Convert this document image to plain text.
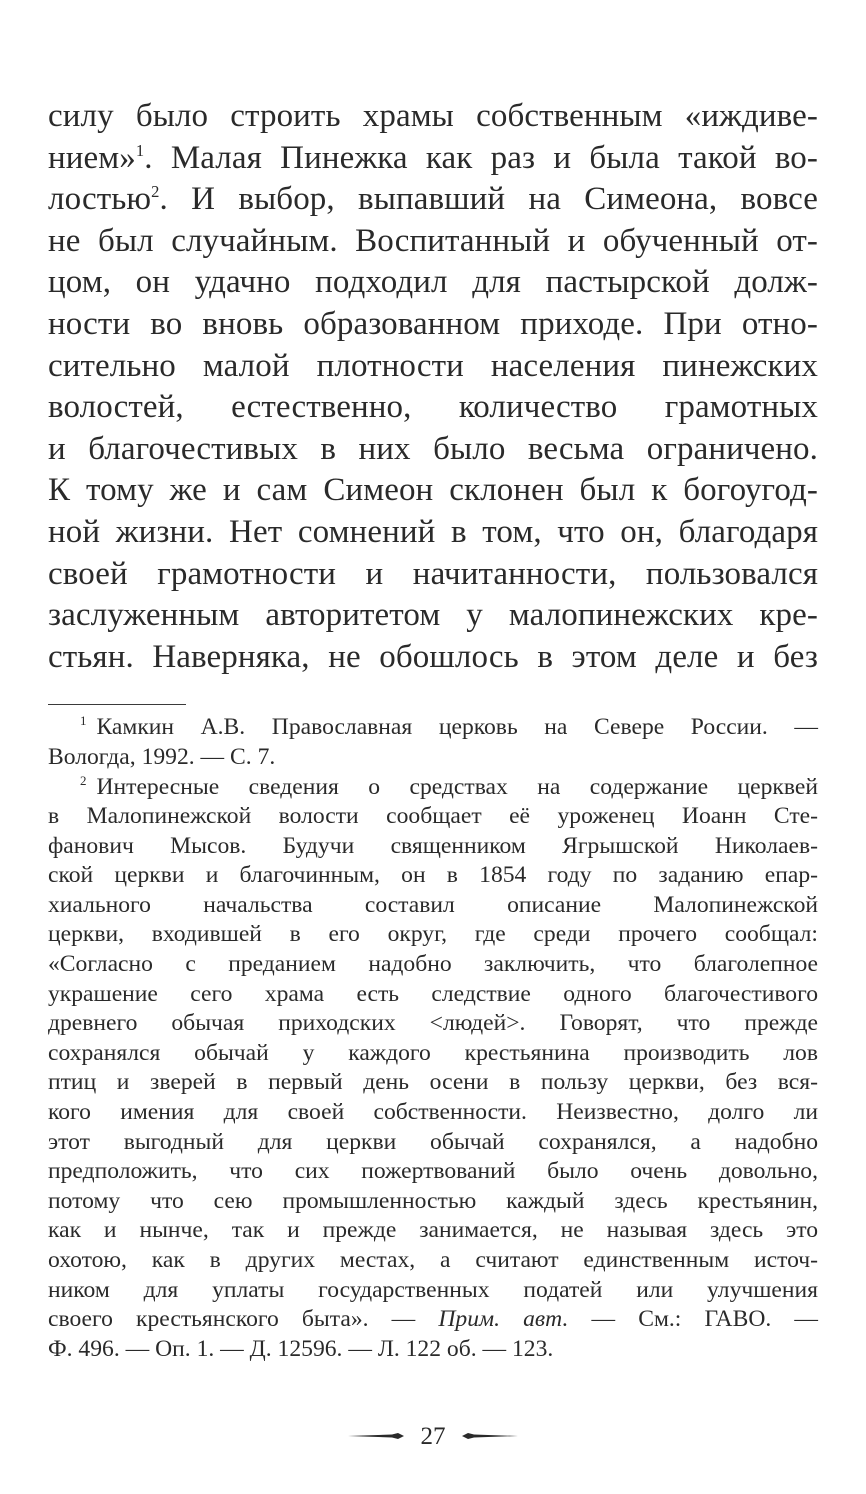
силу было строить храмы собственным «иждиве-
нием»$^1$. Малая Пинежка как раз и была такой во-
лостью$^2$. И выбор, выпавший на Симеона, вовсе
не был случайным. Воспитанный и обученный от-
цом, он удачно подходил для пастырской долж-
ности во вновь образованном приходе. При отно-
сительно малой плотности населения пинежских
волостей, естественно, количество грамотных
и благочестивых в них было весьма ограничено.
К тому же и сам Симеон склонен был к богоугод-
ной жизни. Нет сомнений в том, что он, благодаря
своей грамотности и начитанности, пользовался
заслуженным авторитетом у малопинежских кре-
стьян. Наверняка, не обошлось в этом деле и без
$^1$ Камкин А.В. Православная церковь на Севере России. —
Вологда, 1992. — С. 7.
$^2$ Интересные сведения о средствах на содержание церквей
в Малопинежской волости сообщает её уроженец Иоанн Сте-
фанович Мысов. Будучи священником Ягрышской Николаев-
ской церкви и благочинным, он в 1854 году по заданию епар-
хиального начальства составил описание Малопинежской
церкви, входившей в его округ, где среди прочего сообщал:
«Согласно с преданием надобно заключить, что благолепное
украшение сего храма есть следствие одного благочестивого
древнего обычая приходских <людей>. Говорят, что прежде
сохранялся обычай у каждого крестьянина производить лов
птиц и зверей в первый день осени в пользу церкви, без вся-
кого имения для своей собственности. Неизвестно, долго ли
этот выгодный для церкви обычай сохранялся, а надобно
предположить, что сих пожертвований было очень довольно,
потому что сею промышленностью каждый здесь крестьянин,
как и нынче, так и прежде занимается, не называя здесь это
охотою, как в других местах, а считают единственным источ-
ником для уплаты государственных податей или улучшения
своего крестьянского быта». — Прим. авт. — См.: ГАВО. —
Ф. 496. — Оп. 1. — Д. 12596. — Л. 122 об. — 123.
27
